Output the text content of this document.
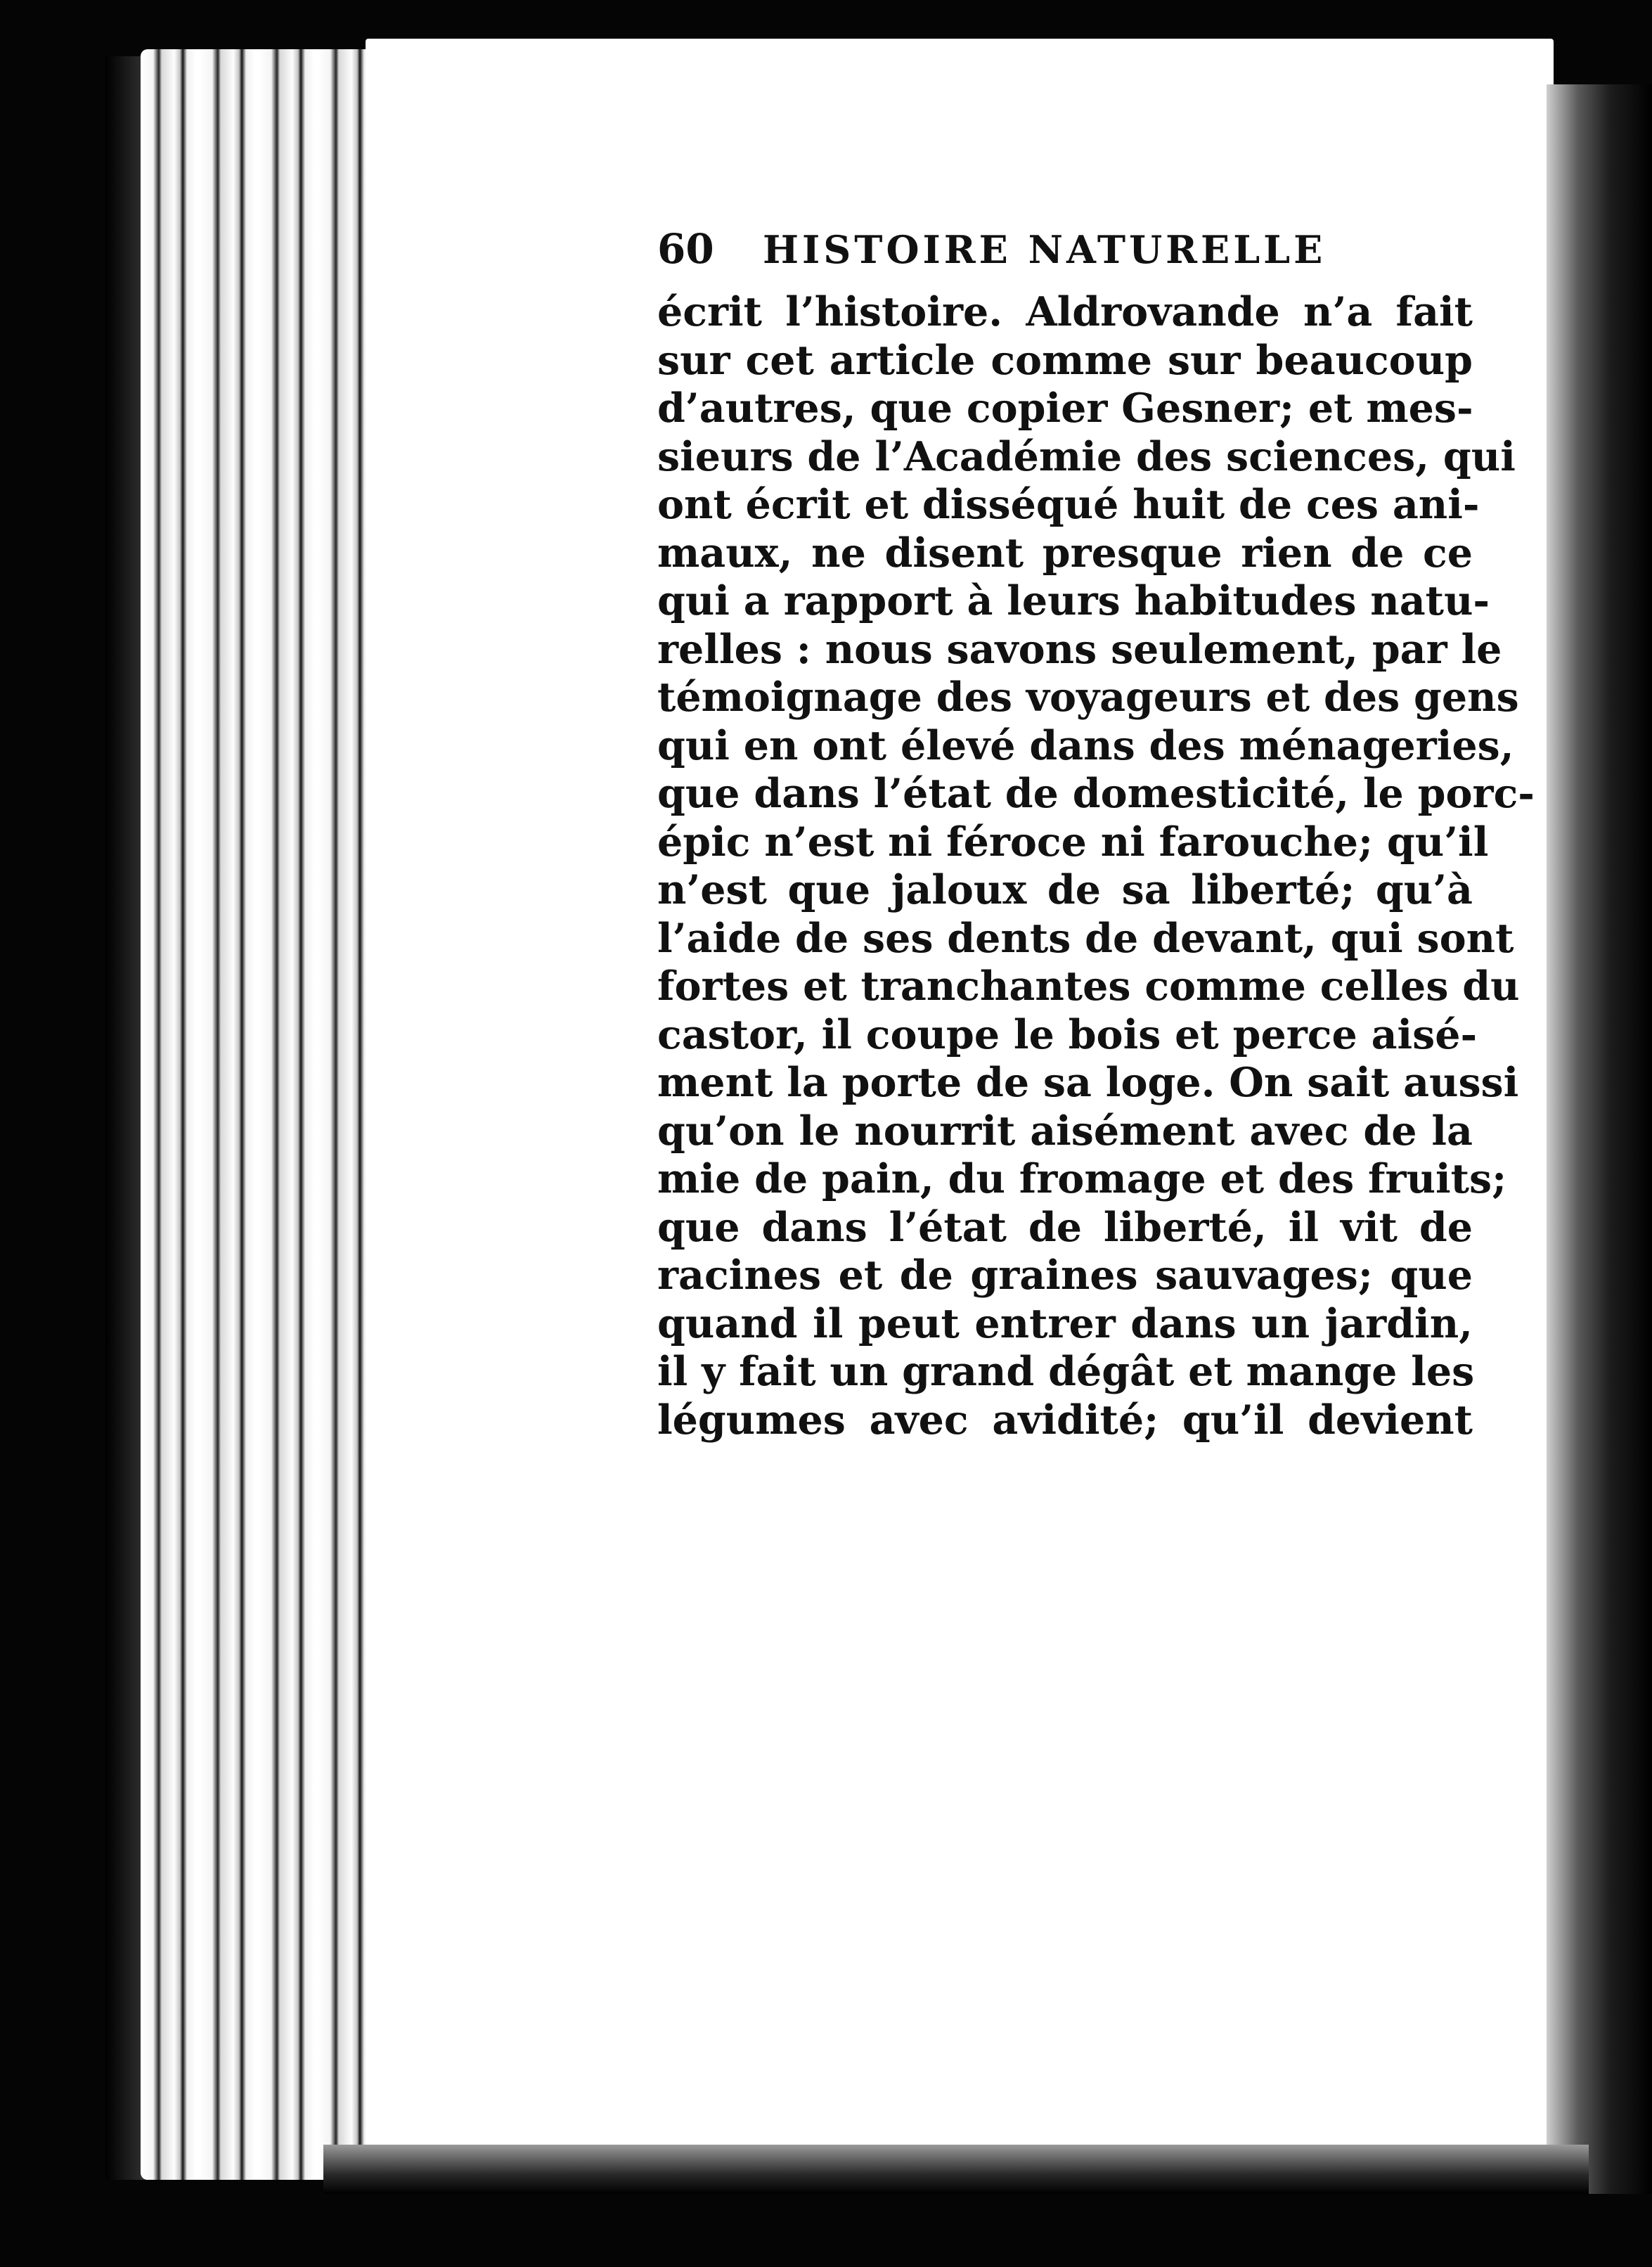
60	HISTOIRE NATURELLE
écrit l’histoire. Aldrovande n’a fait
sur cet article comme sur beaucoup
d’autres, que copier Gesner; et mes-
sieurs de l’Académie des sciences, qui
ont écrit et disséqué huit de ces ani-
maux, ne disent presque rien de ce
qui a rapport à leurs habitudes natu-
relles : nous savons seulement, par le
témoignage des voyageurs et des gens
qui en ont élevé dans des ménageries,
que dans l’état de domesticité, le porc-
épic n’est ni féroce ni farouche; qu’il
n’est que jaloux de sa liberté; qu’à
l’aide de ses dents de devant, qui sont
fortes et tranchantes comme celles du
castor, il coupe le bois et perce aisé-
ment la porte de sa loge. On sait aussi
qu’on le nourrit aisément avec de la
mie de pain, du fromage et des fruits;
que dans l’état de liberté, il vit de
racines et de graines sauvages; que
quand il peut entrer dans un jardin,
il y fait un grand dégât et mange les
légumes avec avidité; qu’il devient
